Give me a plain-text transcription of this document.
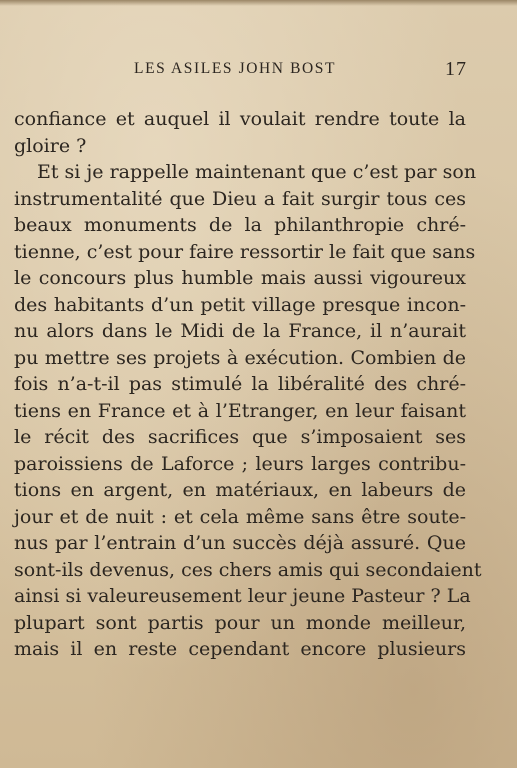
LES ASILES JOHN BOST	17
confiance et auquel il voulait rendre toute la
gloire ?
Et si je rappelle maintenant que c’est par son
instrumentalité que Dieu a fait surgir tous ces
beaux monuments de la philanthropie chré-
tienne, c’est pour faire ressortir le fait que sans
le concours plus humble mais aussi vigoureux
des habitants d’un petit village presque incon-
nu alors dans le Midi de la France, il n’aurait
pu mettre ses projets à exécution. Combien de
fois n’a-t-il pas stimulé la libéralité des chré-
tiens en France et à l’Etranger, en leur faisant
le récit des sacrifices que s’imposaient ses
paroissiens de Laforce ; leurs larges contribu-
tions en argent, en matériaux, en labeurs de
jour et de nuit : et cela même sans être soute-
nus par l’entrain d’un succès déjà assuré. Que
sont-ils devenus, ces chers amis qui secondaient
ainsi si valeureusement leur jeune Pasteur ? La
plupart sont partis pour un monde meilleur,
mais il en reste cependant encore plusieurs
